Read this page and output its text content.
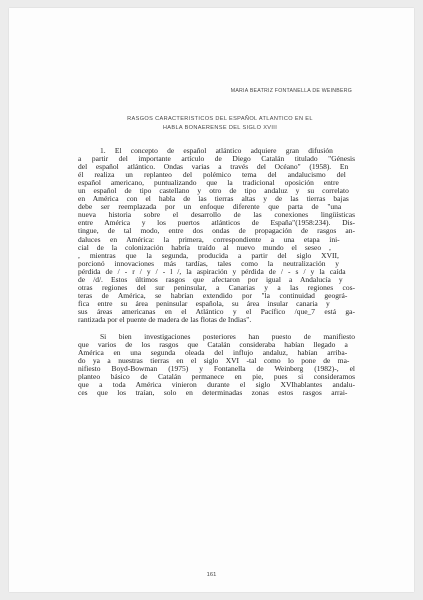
MARIA BEATRIZ FONTANELLA DE WEINBERG
RASGOS CARACTERISTICOS DEL ESPAÑOL ATLANTICO EN EL
HABLA BONAERENSE DEL SIGLO XVIII
1. El concepto de español atlántico adquiere gran difusión
a partir del importante artículo de Diego Catalán titulado "Génesis
del español atlántico. Ondas varias a través del Océano" (1958). En
él realiza un replanteo del polémico tema del andalucismo del
español americano, puntualizando que la tradicional oposición entre
un español de tipo castellano y otro de tipo andaluz y su correlato
en América con el habla de las tierras altas y de las tierras bajas
debe ser reemplazada por un enfoque diferente que parta de "una
nueva historia sobre el desarrollo de las conexiones lingüísticas
entre América y los puertos atlánticos de España"(1958:234). Dis-
tingue, de tal modo, entre dos ondas de propagación de rasgos an-
daluces en América: la primera, correspondiente a una etapa ini-
cial de la colonización habría traído al nuevo mundo el seseo ,
, mientras que la segunda, producida a partir del siglo XVII,
porcionó innovaciones más tardías, tales como la neutralización y
pérdida de / - r / y / - l /, la aspiración y pérdida de / - s / y la caída
de /d/. Estos últimos rasgos que afectaron por igual a Andalucía y
otras regiones del sur peninsular, a Canarias y a las regiones cos-
teras de América, se habrían extendido por "la continuidad geográ-
fica entre su área peninsular española, su área insular canaria y
sus áreas americanas en el Atlántico y el Pacífico /que_7 está ga-
rantizada por el puente de madera de las flotas de Indias".
Si bien investigaciones posteriores han puesto de manifiesto
que varios de los rasgos que Catalán consideraba habían llegado a
América en una segunda oleada del influjo andaluz, habían arriba-
do ya a nuestras tierras en el siglo XVI -tal como lo pone de ma-
nifiesto Boyd-Bowman (1975) y Fontanella de Weinberg (1982)-, el
planteo básico de Catalán permanece en pie, pues si consideramos
que a toda América vinieron durante el siglo XVIhablantes andalu-
ces que los traían, solo en determinadas zonas estos rasgos arrai-
161
